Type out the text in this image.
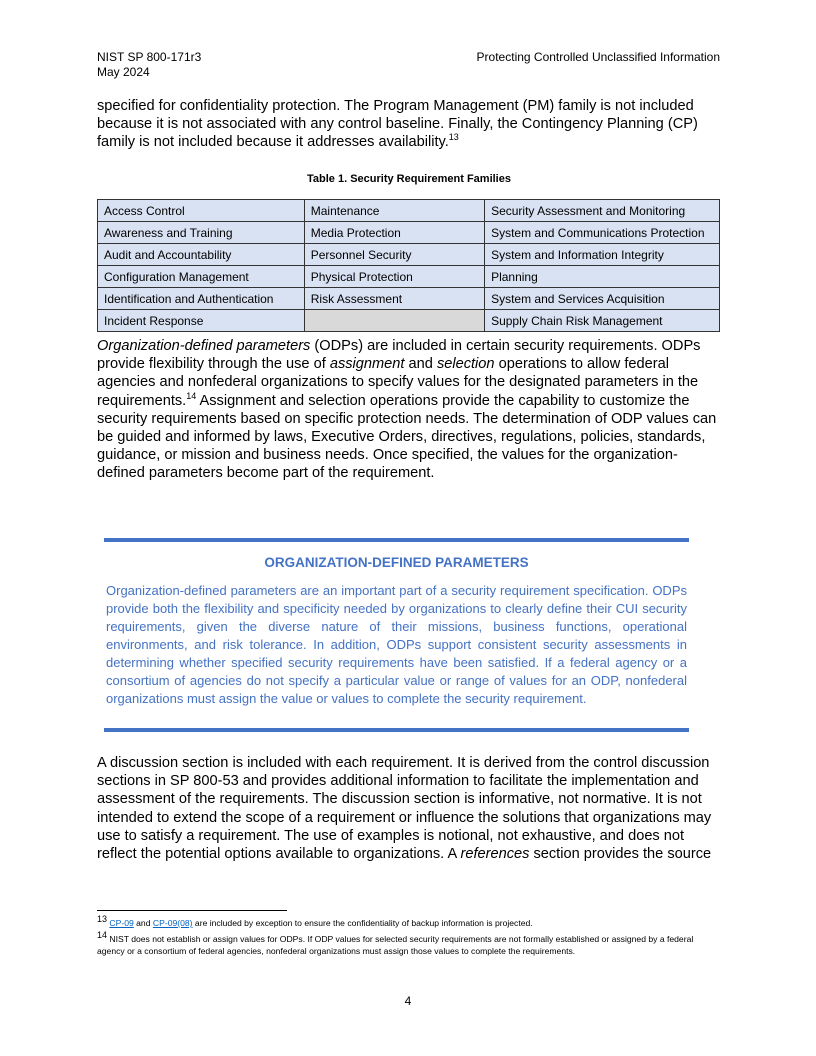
NIST SP 800-171r3
May 2024
Protecting Controlled Unclassified Information
specified for confidentiality protection. The Program Management (PM) family is not included because it is not associated with any control baseline. Finally, the Contingency Planning (CP) family is not included because it addresses availability.$^{13}$
Table 1. Security Requirement Families
Access Control	Maintenance	Security Assessment and Monitoring
Awareness and Training	Media Protection	System and Communications Protection
Audit and Accountability	Personnel Security	System and Information Integrity
Configuration Management	Physical Protection	Planning
Identification and Authentication	Risk Assessment	System and Services Acquisition
Incident Response		Supply Chain Risk Management
Organization-defined parameters (ODPs) are included in certain security requirements. ODPs provide flexibility through the use of assignment and selection operations to allow federal agencies and nonfederal organizations to specify values for the designated parameters in the requirements.$^{14}$ Assignment and selection operations provide the capability to customize the security requirements based on specific protection needs. The determination of ODP values can be guided and informed by laws, Executive Orders, directives, regulations, policies, standards, guidance, or mission and business needs. Once specified, the values for the organization-defined parameters become part of the requirement.
ORGANIZATION-DEFINED PARAMETERS
Organization-defined parameters are an important part of a security requirement specification. ODPs provide both the flexibility and specificity needed by organizations to clearly define their CUI security requirements, given the diverse nature of their missions, business functions, operational environments, and risk tolerance. In addition, ODPs support consistent security assessments in determining whether specified security requirements have been satisfied. If a federal agency or a consortium of agencies do not specify a particular value or range of values for an ODP, nonfederal organizations must assign the value or values to complete the security requirement.
A discussion section is included with each requirement. It is derived from the control discussion sections in SP 800-53 and provides additional information to facilitate the implementation and assessment of the requirements. The discussion section is informative, not normative. It is not intended to extend the scope of a requirement or influence the solutions that organizations may use to satisfy a requirement. The use of examples is notional, not exhaustive, and does not reflect the potential options available to organizations. A references section provides the source
$^{13}$ CP-09 and CP-09(08) are included by exception to ensure the confidentiality of backup information is projected.
$^{14}$ NIST does not establish or assign values for ODPs. If ODP values for selected security requirements are not formally established or assigned by a federal agency or a consortium of federal agencies, nonfederal organizations must assign those values to complete the requirements.
4
